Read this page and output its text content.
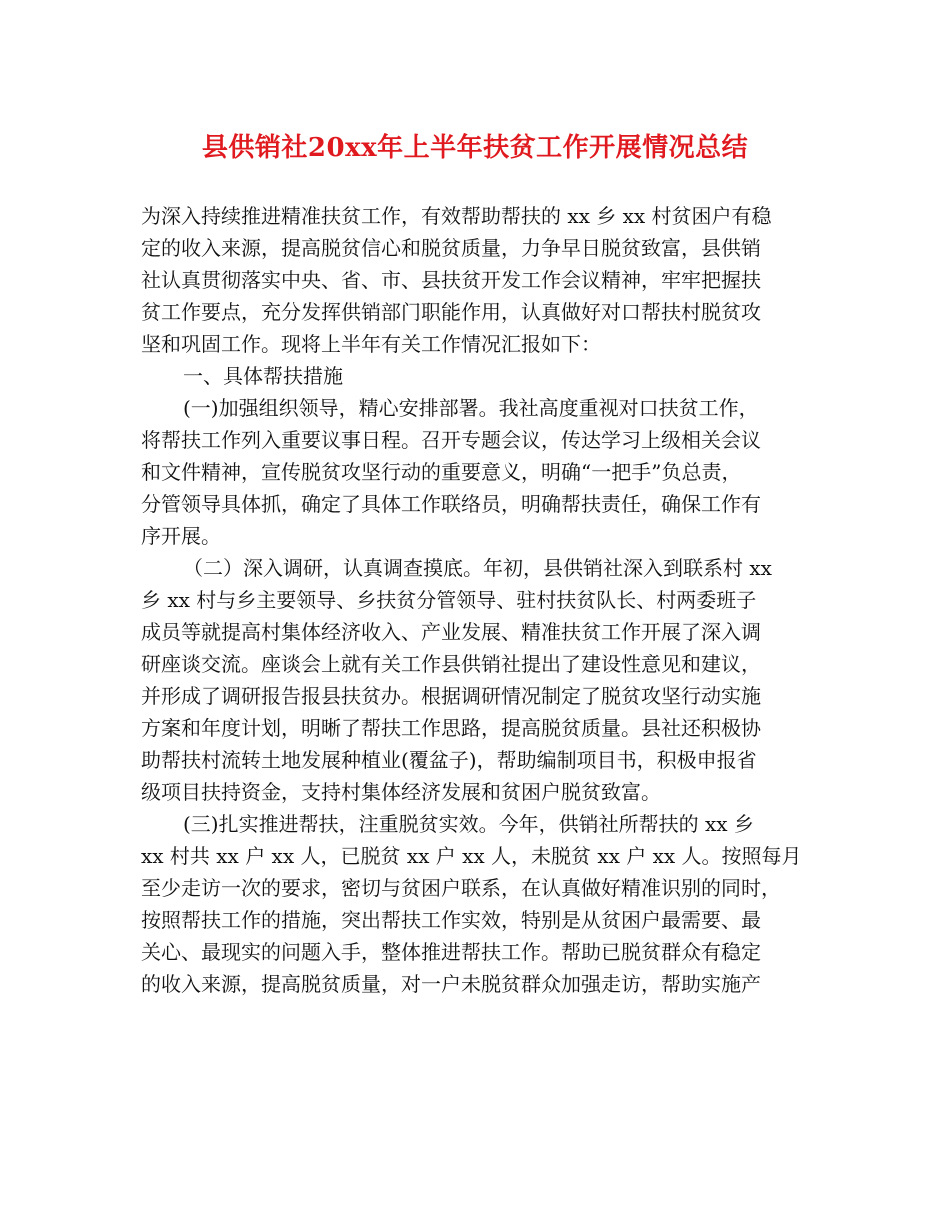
县供销社20xx年上半年扶贫工作开展情况总结

为深入持续推进精准扶贫工作，有效帮助帮扶的 xx 乡 xx 村贫困户有稳
定的收入来源，提高脱贫信心和脱贫质量，力争早日脱贫致富，县供销
社认真贯彻落实中央、省、市、县扶贫开发工作会议精神，牢牢把握扶
贫工作要点，充分发挥供销部门职能作用，认真做好对口帮扶村脱贫攻
坚和巩固工作。现将上半年有关工作情况汇报如下：

一、具体帮扶措施

(一)加强组织领导，精心安排部署。我社高度重视对口扶贫工作，
将帮扶工作列入重要议事日程。召开专题会议，传达学习上级相关会议
和文件精神，宣传脱贫攻坚行动的重要意义，明确“一把手”负总责，
分管领导具体抓，确定了具体工作联络员，明确帮扶责任，确保工作有
序开展。

（二）深入调研，认真调查摸底。年初，县供销社深入到联系村 xx
乡 xx 村与乡主要领导、乡扶贫分管领导、驻村扶贫队长、村两委班子
成员等就提高村集体经济收入、产业发展、精准扶贫工作开展了深入调
研座谈交流。座谈会上就有关工作县供销社提出了建设性意见和建议，
并形成了调研报告报县扶贫办。根据调研情况制定了脱贫攻坚行动实施
方案和年度计划，明晰了帮扶工作思路，提高脱贫质量。县社还积极协
助帮扶村流转土地发展种植业(覆盆子)，帮助编制项目书，积极申报省
级项目扶持资金，支持村集体经济发展和贫困户脱贫致富。

(三)扎实推进帮扶，注重脱贫实效。今年，供销社所帮扶的 xx 乡
xx 村共 xx 户 xx 人，已脱贫 xx 户 xx 人，未脱贫 xx 户 xx 人。按照每月
至少走访一次的要求，密切与贫困户联系，在认真做好精准识别的同时，
按照帮扶工作的措施，突出帮扶工作实效，特别是从贫困户最需要、最
关心、最现实的问题入手，整体推进帮扶工作。帮助已脱贫群众有稳定
的收入来源，提高脱贫质量，对一户未脱贫群众加强走访，帮助实施产
